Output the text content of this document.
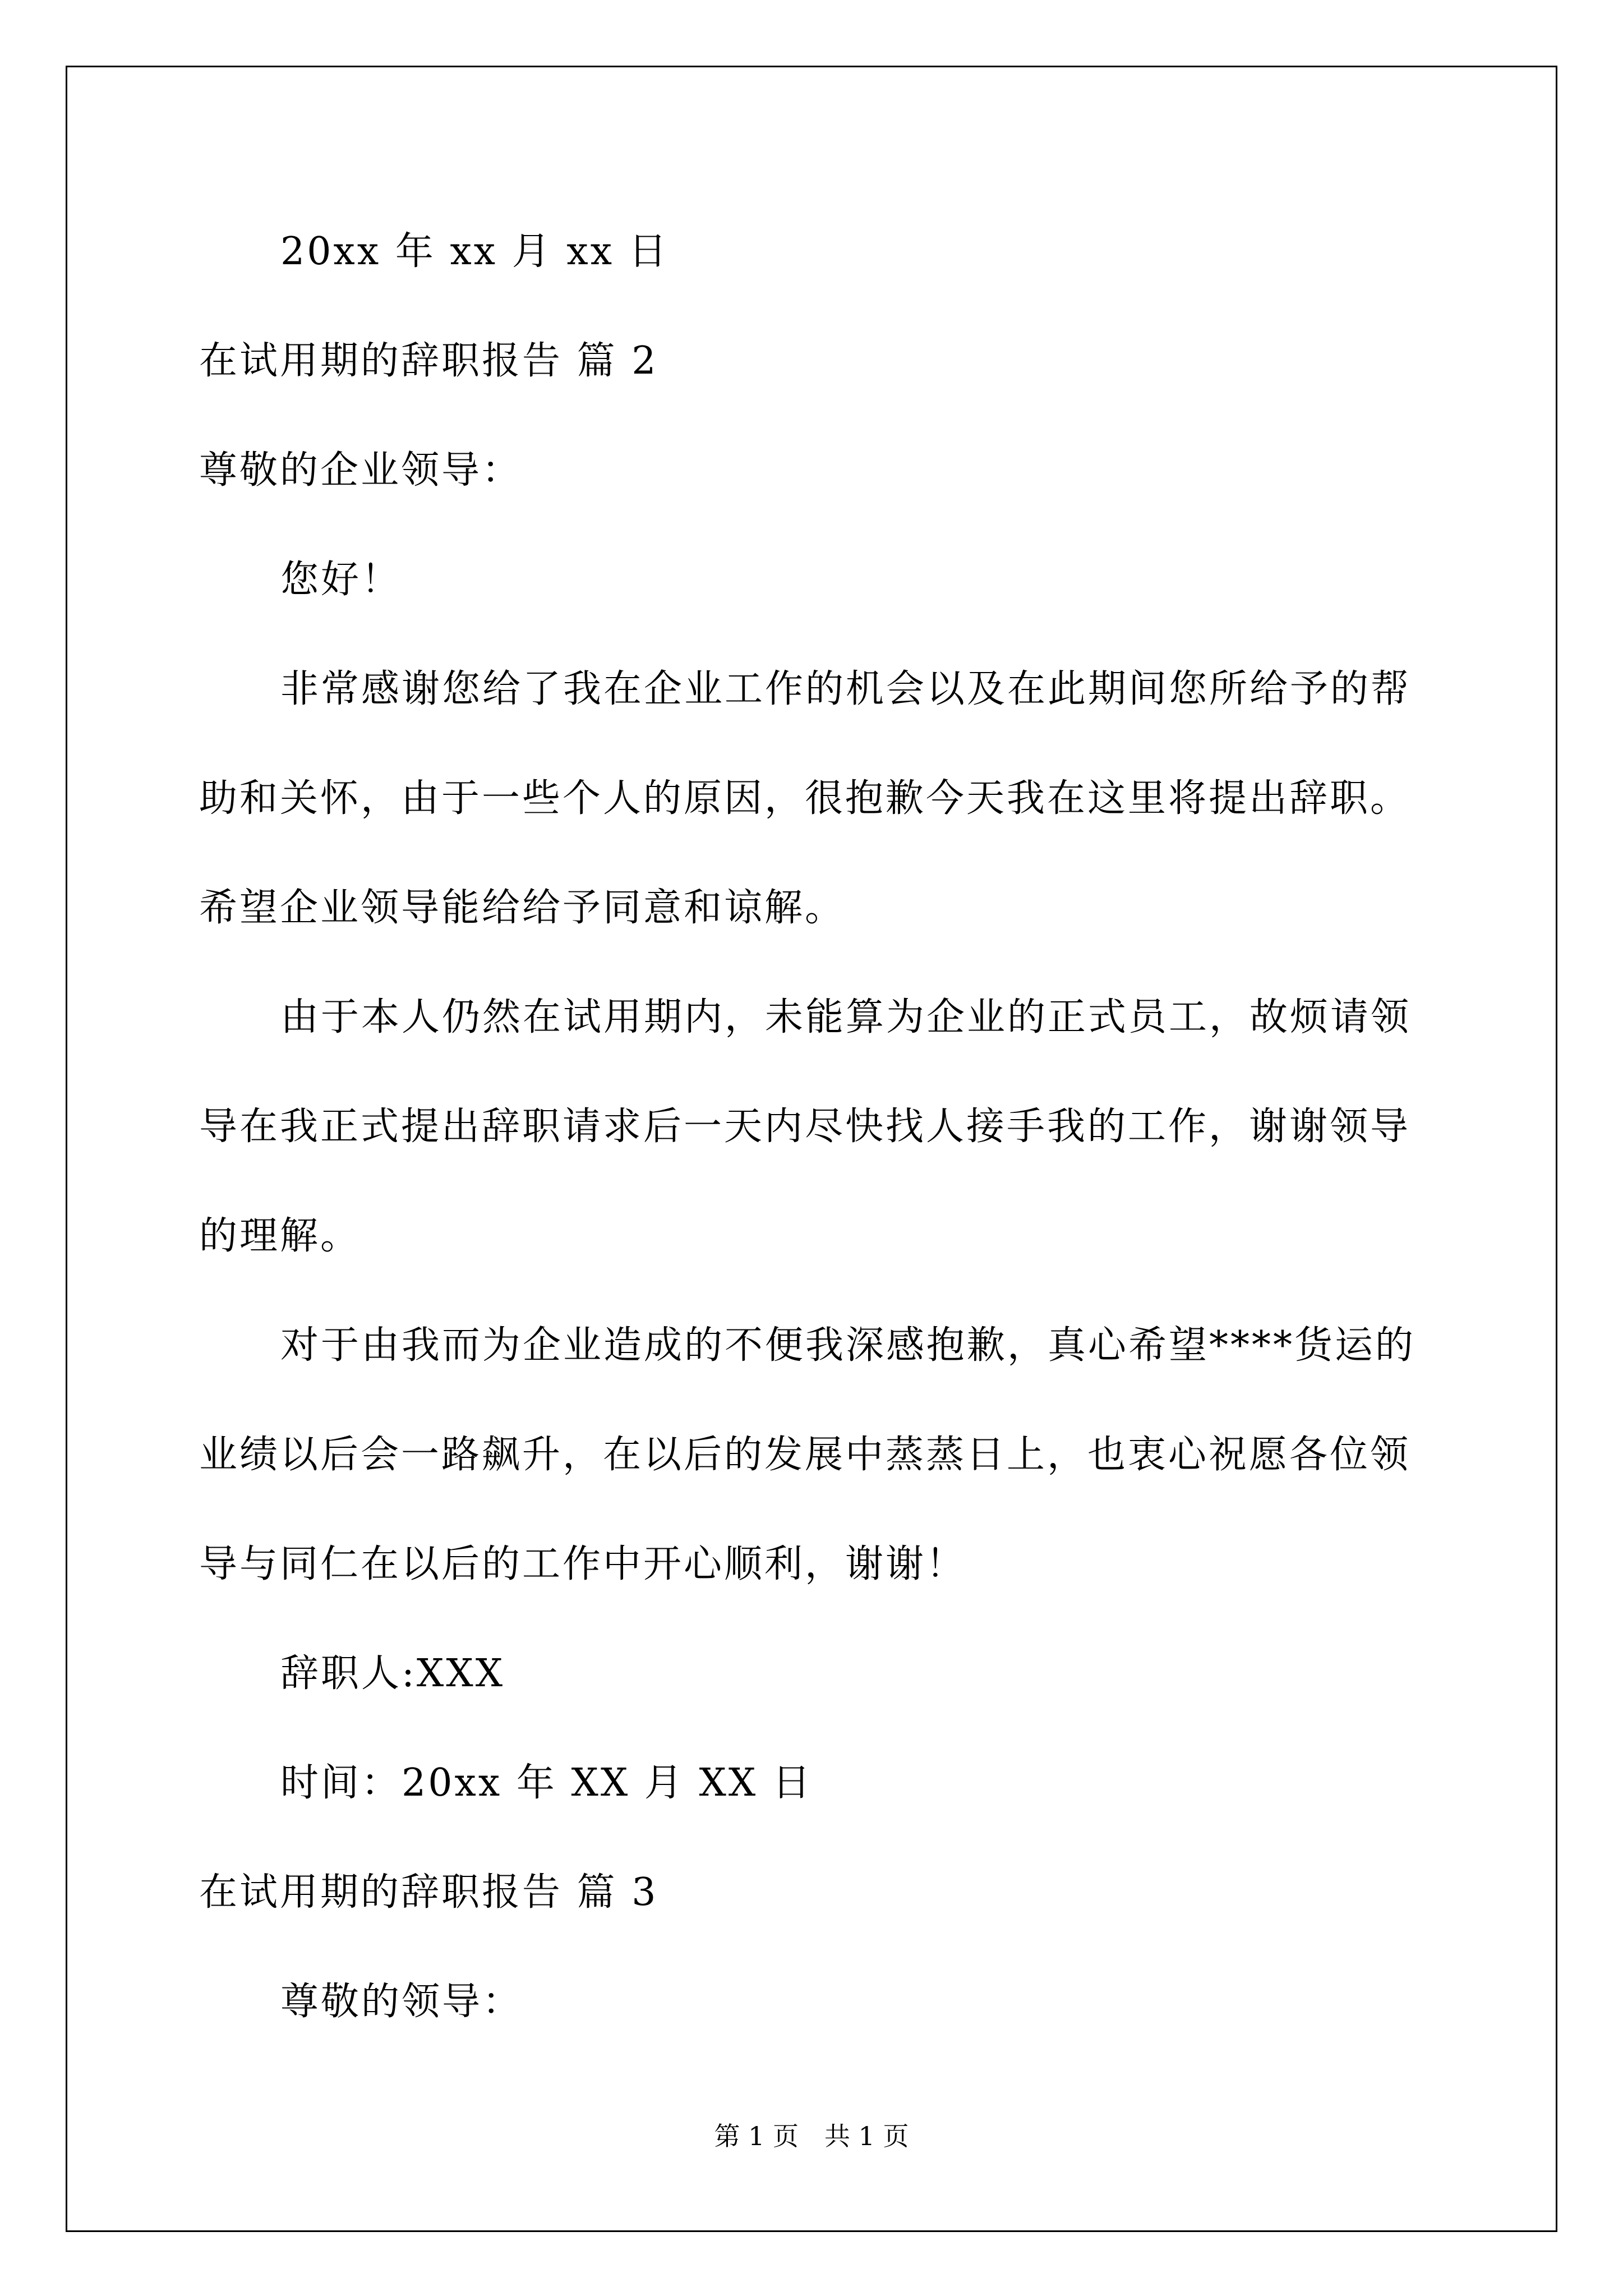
20xx 年 xx 月 xx 日
在试用期的辞职报告 篇 2
尊敬的企业领导：
您好！
非常感谢您给了我在企业工作的机会以及在此期间您所给予的帮
助和关怀，由于一些个人的原因，很抱歉今天我在这里将提出辞职。
希望企业领导能给给予同意和谅解。
由于本人仍然在试用期内，未能算为企业的正式员工，故烦请领
导在我正式提出辞职请求后一天内尽快找人接手我的工作，谢谢领导
的理解。
对于由我而为企业造成的不便我深感抱歉，真心希望****货运的
业绩以后会一路飙升，在以后的发展中蒸蒸日上，也衷心祝愿各位领
导与同仁在以后的工作中开心顺利，谢谢！
辞职人:XXX
时间：20xx 年 XX 月 XX 日
在试用期的辞职报告 篇 3
尊敬的领导：
第 1 页　共 1 页
